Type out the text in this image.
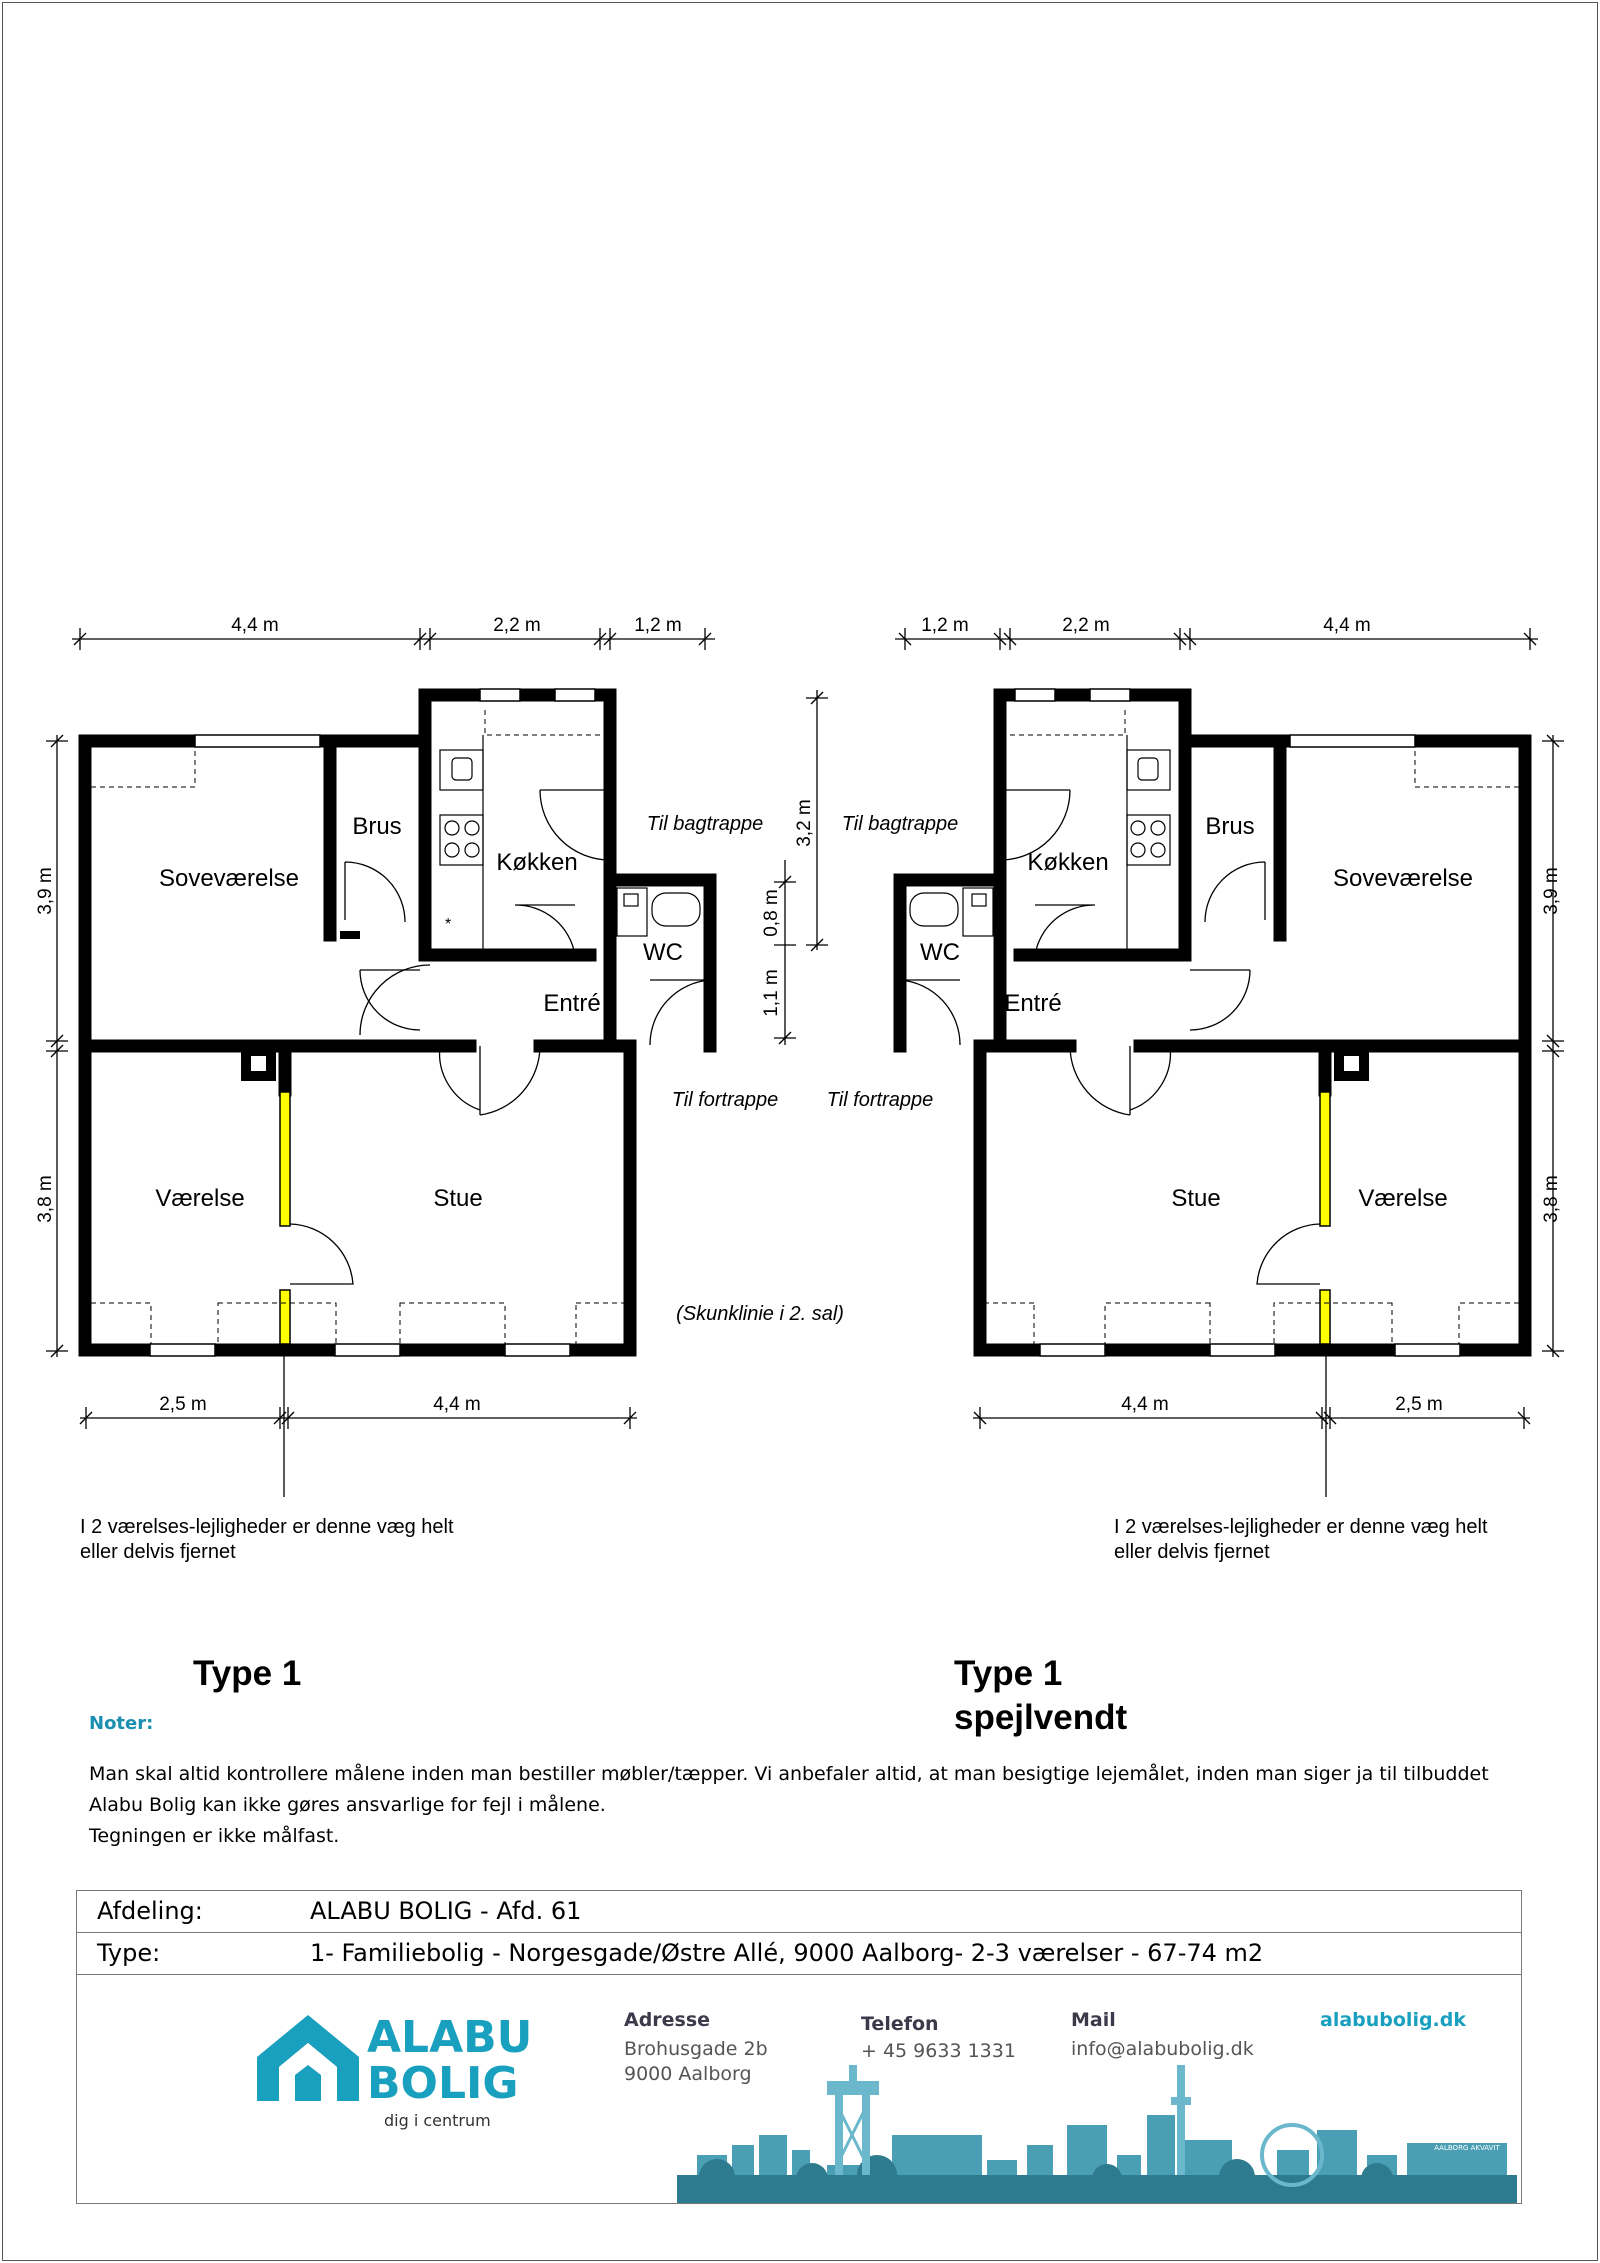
*
4,4 m	2,2 m	1,2 m
3,9 m
3,8 m
2,5 m	4,4 m
3,2 m
0,8 m
1,1 m
Soveværelse
Brus
Køkken
WC
Entré
Værelse	Stue
Til bagtrappe
Til fortrappe
(Skunklinie i 2. sal)
I 2 værelses-lejligheder er denne væg helt
eller delvis fjernet
1,2 m	2,2 m	4,4 m
3,9 m
3,8 m
4,4 m	2,5 m
Soveværelse
Brus
Køkken
WC
Entré
Værelse
Stue
Til bagtrappe
Til fortrappe
I 2 værelses-lejligheder er denne væg helt
eller delvis fjernet
Type 1	Type 1
spejlvendt
Noter:

Man skal altid kontrollere målene inden man bestiller møbler/tæpper. Vi anbefaler altid, at man besigtige lejemålet, inden man siger ja til tilbuddet

Alabu Bolig kan ikke gøres ansvarlige for fejl i målene.

Tegningen er ikke målfast.

Afdeling:	ALABU BOLIG - Afd. 61
Type:	1- Familiebolig - Norgesgade/Østre Allé, 9000 Aalborg- 2-3 værelser - 67-74 m2
ALABU
BOLIG
dig i centrum
Adresse
Brohusgade 2b
9000 Aalborg
Telefon
+ 45 9633 1331
Mail
info@alabubolig.dk
alabubolig.dk
AALBORG AKVAVIT
